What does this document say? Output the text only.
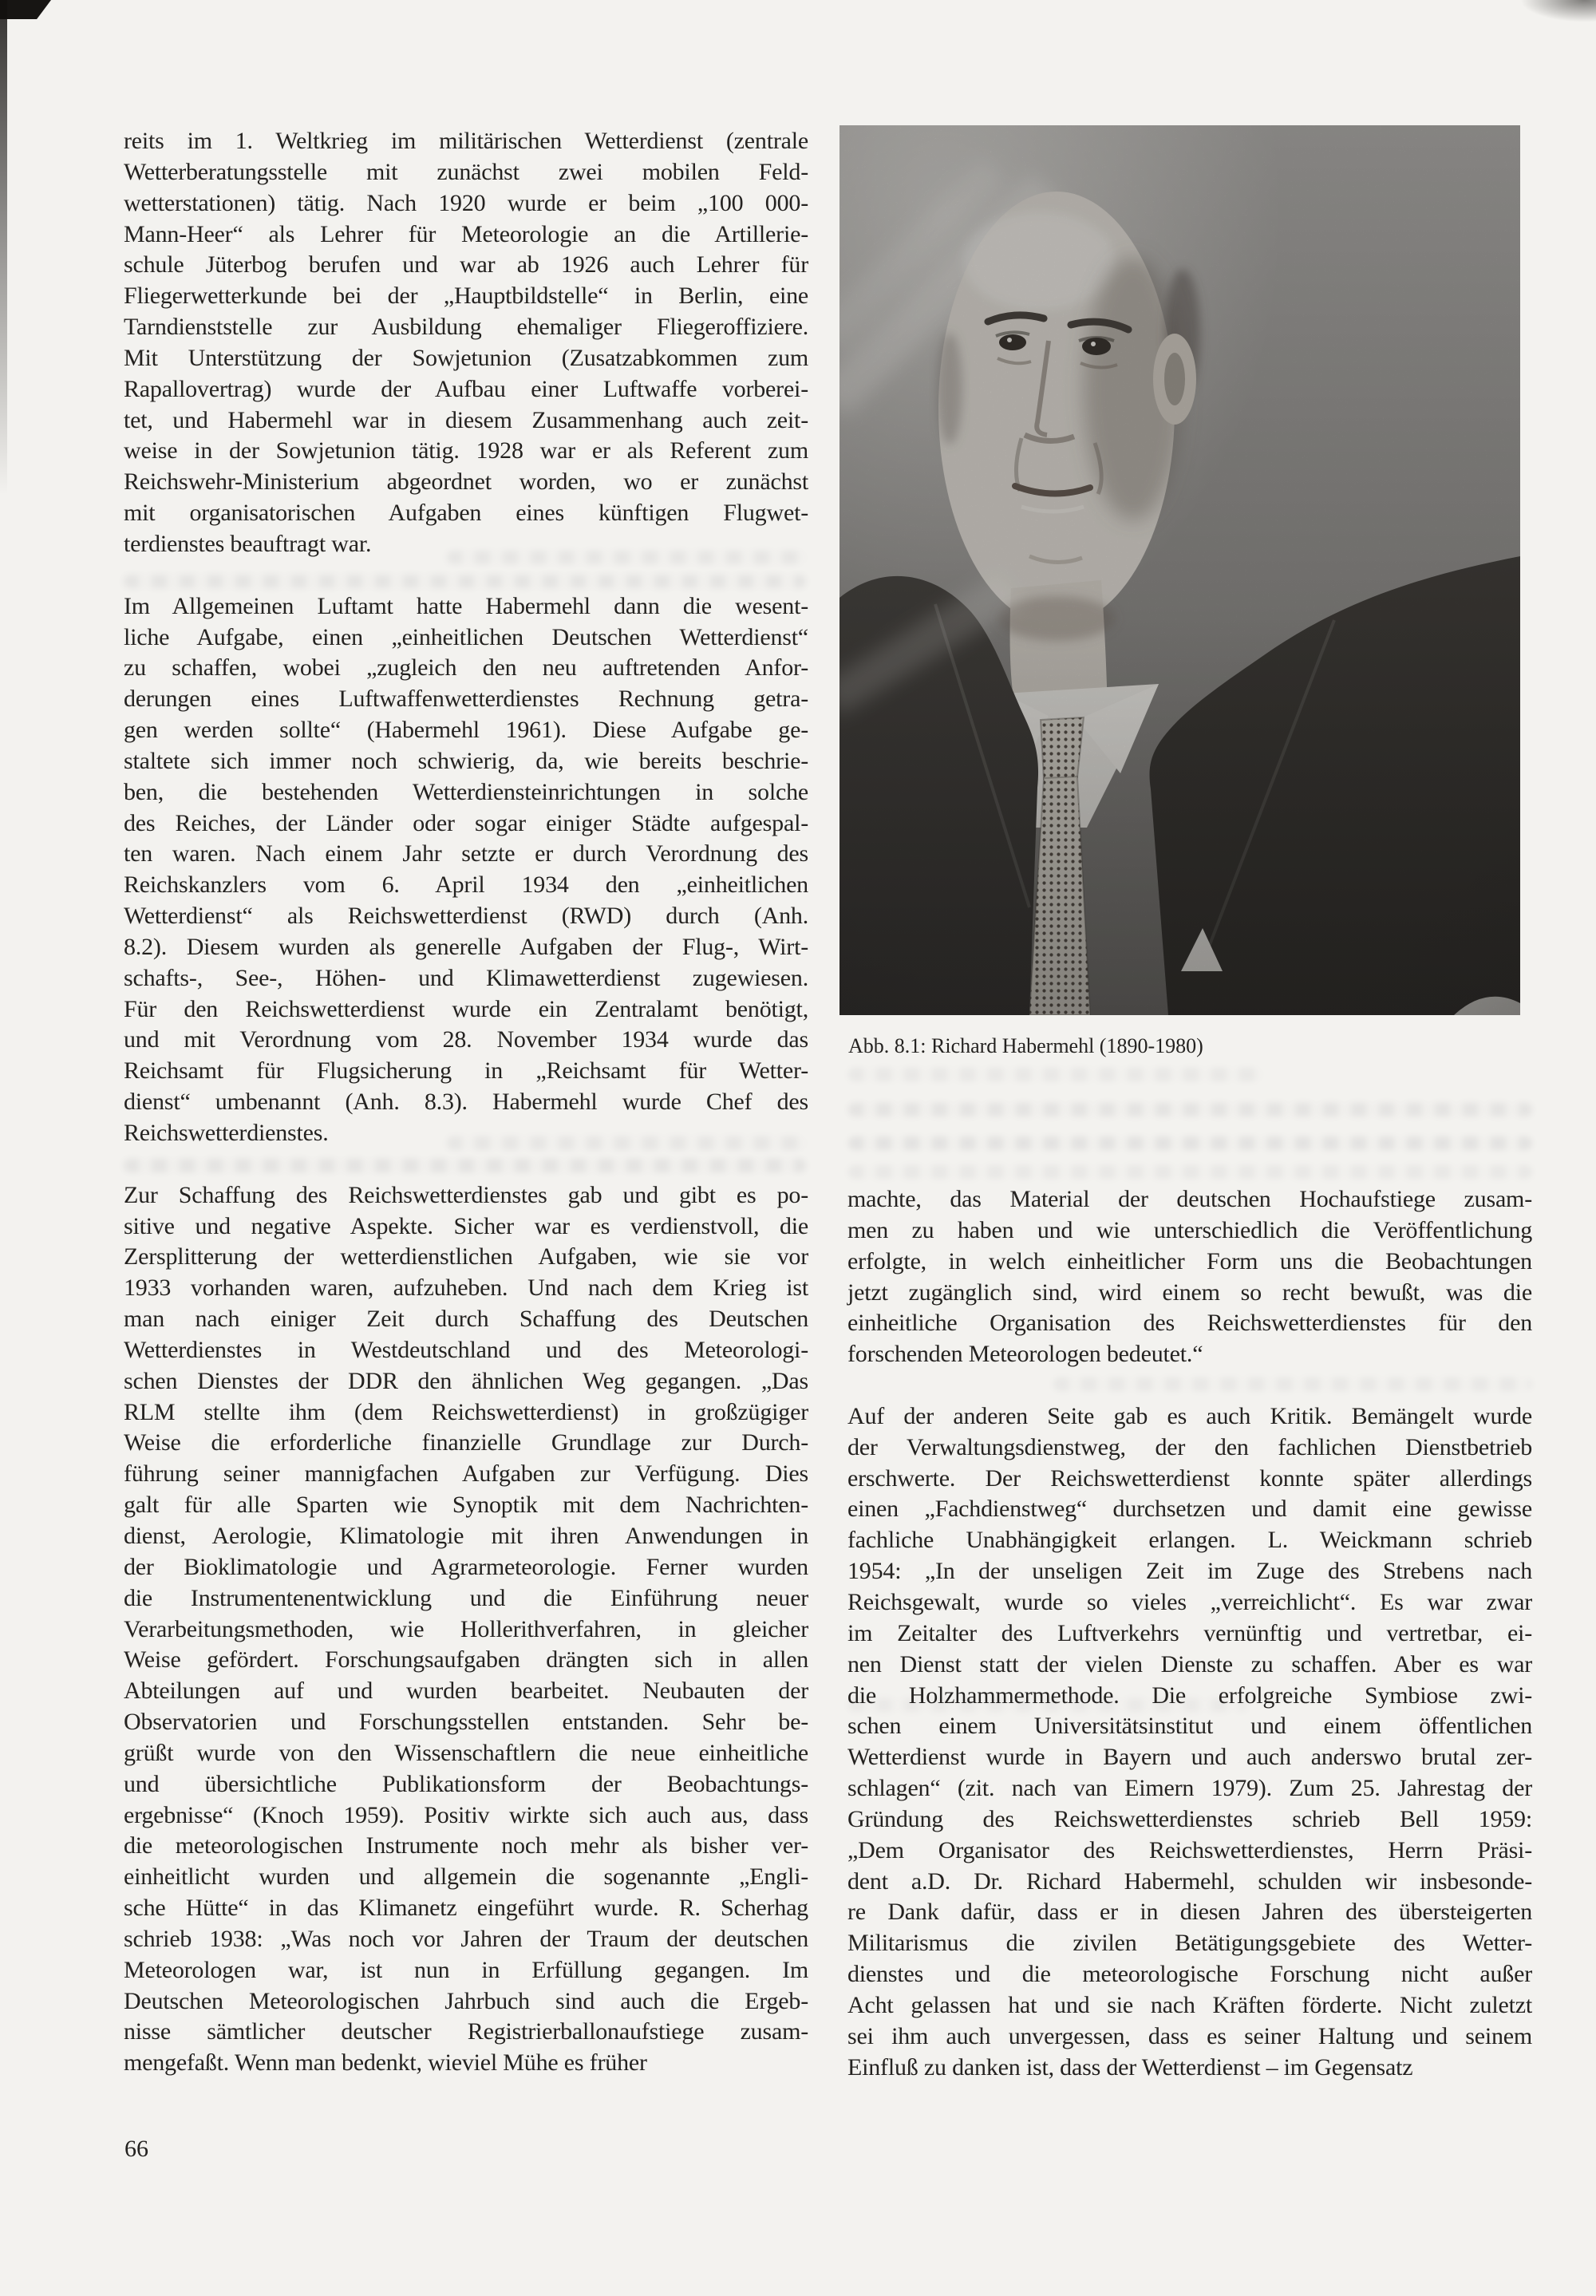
reits im 1. Weltkrieg im militärischen Wetterdienst (zentrale
Wetterberatungsstelle mit zunächst zwei mobilen Feld-
wetterstationen) tätig. Nach 1920 wurde er beim „100 000-
Mann-Heer“ als Lehrer für Meteorologie an die Artillerie-
schule Jüterbog berufen und war ab 1926 auch Lehrer für
Fliegerwetterkunde bei der „Hauptbildstelle“ in Berlin, eine
Tarndienststelle zur Ausbildung ehemaliger Fliegeroffiziere.
Mit Unterstützung der Sowjetunion (Zusatzabkommen zum
Rapallovertrag) wurde der Aufbau einer Luftwaffe vorberei-
tet, und Habermehl war in diesem Zusammenhang auch zeit-
weise in der Sowjetunion tätig. 1928 war er als Referent zum
Reichswehr-Ministerium abgeordnet worden, wo er zunächst
mit organisatorischen Aufgaben eines künftigen Flugwet-
terdienstes beauftragt war.
Im Allgemeinen Luftamt hatte Habermehl dann die wesent-
liche Aufgabe, einen „einheitlichen Deutschen Wetterdienst“
zu schaffen, wobei „zugleich den neu auftretenden Anfor-
derungen eines Luftwaffenwetterdienstes Rechnung getra-
gen werden sollte“ (Habermehl 1961). Diese Aufgabe ge-
staltete sich immer noch schwierig, da, wie bereits beschrie-
ben, die bestehenden Wetterdiensteinrichtungen in solche
des Reiches, der Länder oder sogar einiger Städte aufgespal-
ten waren. Nach einem Jahr setzte er durch Verordnung des
Reichskanzlers vom 6. April 1934 den „einheitlichen
Wetterdienst“ als Reichswetterdienst (RWD) durch (Anh.
8.2). Diesem wurden als generelle Aufgaben der Flug-, Wirt-
schafts-, See-, Höhen- und Klimawetterdienst zugewiesen.
Für den Reichswetterdienst wurde ein Zentralamt benötigt,
und mit Verordnung vom 28. November 1934 wurde das
Reichsamt für Flugsicherung in „Reichsamt für Wetter-
dienst“ umbenannt (Anh. 8.3). Habermehl wurde Chef des
Reichswetterdienstes.
Zur Schaffung des Reichswetterdienstes gab und gibt es po-
sitive und negative Aspekte. Sicher war es verdienstvoll, die
Zersplitterung der wetterdienstlichen Aufgaben, wie sie vor
1933 vorhanden waren, aufzuheben. Und nach dem Krieg ist
man nach einiger Zeit durch Schaffung des Deutschen
Wetterdienstes in Westdeutschland und des Meteorologi-
schen Dienstes der DDR den ähnlichen Weg gegangen. „Das
RLM stellte ihm (dem Reichswetterdienst) in großzügiger
Weise die erforderliche finanzielle Grundlage zur Durch-
führung seiner mannigfachen Aufgaben zur Verfügung. Dies
galt für alle Sparten wie Synoptik mit dem Nachrichten-
dienst, Aerologie, Klimatologie mit ihren Anwendungen in
der Bioklimatologie und Agrarmeteorologie. Ferner wurden
die Instrumentenentwicklung und die Einführung neuer
Verarbeitungsmethoden, wie Hollerithverfahren, in gleicher
Weise gefördert. Forschungsaufgaben drängten sich in allen
Abteilungen auf und wurden bearbeitet. Neubauten der
Observatorien und Forschungsstellen entstanden. Sehr be-
grüßt wurde von den Wissenschaftlern die neue einheitliche
und übersichtliche Publikationsform der Beobachtungs-
ergebnisse“ (Knoch 1959). Positiv wirkte sich auch aus, dass
die meteorologischen Instrumente noch mehr als bisher ver-
einheitlicht wurden und allgemein die sogenannte „Engli-
sche Hütte“ in das Klimanetz eingeführt wurde. R. Scherhag
schrieb 1938: „Was noch vor Jahren der Traum der deutschen
Meteorologen war, ist nun in Erfüllung gegangen. Im
Deutschen Meteorologischen Jahrbuch sind auch die Ergeb-
nisse sämtlicher deutscher Registrierballonaufstiege zusam-
mengefaßt. Wenn man bedenkt, wieviel Mühe es früher
Abb. 8.1: Richard Habermehl (1890-1980)
machte, das Material der deutschen Hochaufstiege zusam-
men zu haben und wie unterschiedlich die Veröffentlichung
erfolgte, in welch einheitlicher Form uns die Beobachtungen
jetzt zugänglich sind, wird einem so recht bewußt, was die
einheitliche Organisation des Reichswetterdienstes für den
forschenden Meteorologen bedeutet.“
Auf der anderen Seite gab es auch Kritik. Bemängelt wurde
der Verwaltungsdienstweg, der den fachlichen Dienstbetrieb
erschwerte. Der Reichswetterdienst konnte später allerdings
einen „Fachdienstweg“ durchsetzen und damit eine gewisse
fachliche Unabhängigkeit erlangen. L. Weickmann schrieb
1954: „In der unseligen Zeit im Zuge des Strebens nach
Reichsgewalt, wurde so vieles „verreichlicht“. Es war zwar
im Zeitalter des Luftverkehrs vernünftig und vertretbar, ei-
nen Dienst statt der vielen Dienste zu schaffen. Aber es war
die Holzhammermethode. Die erfolgreiche Symbiose zwi-
schen einem Universitätsinstitut und einem öffentlichen
Wetterdienst wurde in Bayern und auch anderswo brutal zer-
schlagen“ (zit. nach van Eimern 1979). Zum 25. Jahrestag der
Gründung des Reichswetterdienstes schrieb Bell 1959:
„Dem Organisator des Reichswetterdienstes, Herrn Präsi-
dent a.D. Dr. Richard Habermehl, schulden wir insbesonde-
re Dank dafür, dass er in diesen Jahren des übersteigerten
Militarismus die zivilen Betätigungsgebiete des Wetter-
dienstes und die meteorologische Forschung nicht außer
Acht gelassen hat und sie nach Kräften förderte. Nicht zuletzt
sei ihm auch unvergessen, dass es seiner Haltung und seinem
Einfluß zu danken ist, dass der Wetterdienst – im Gegensatz
66
